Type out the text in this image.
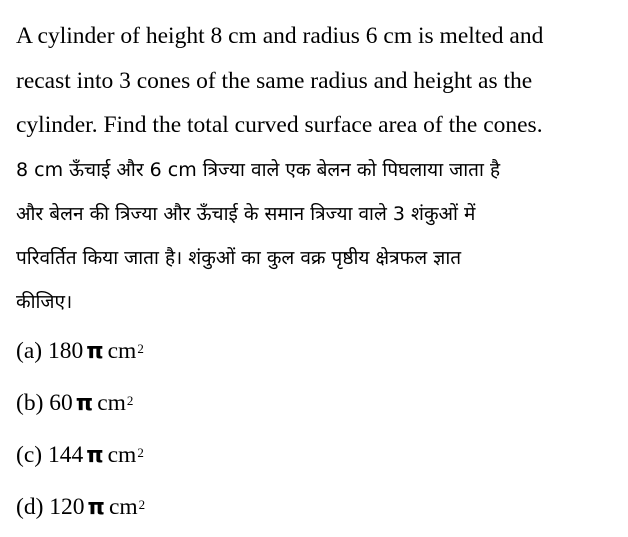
A cylinder of height 8 cm and radius 6 cm is melted and
recast into 3 cones of the same radius and height as the
cylinder. Find the total curved surface area of the cones.
8 cm ऊँचाई और 6 cm त्रिज्या वाले एक बेलन को पिघलाया जाता है
और बेलन की त्रिज्या और ऊँचाई के समान त्रिज्या वाले 3 शंकुओं में
परिवर्तित किया जाता है। शंकुओं का कुल वक्र पृष्ठीय क्षेत्रफल ज्ञात
कीजिए।
(a) 180 π $cm^2$
(b) 60 π $cm^2$
(c) 144 π $cm^2$
(d) 120 π $cm^2$
